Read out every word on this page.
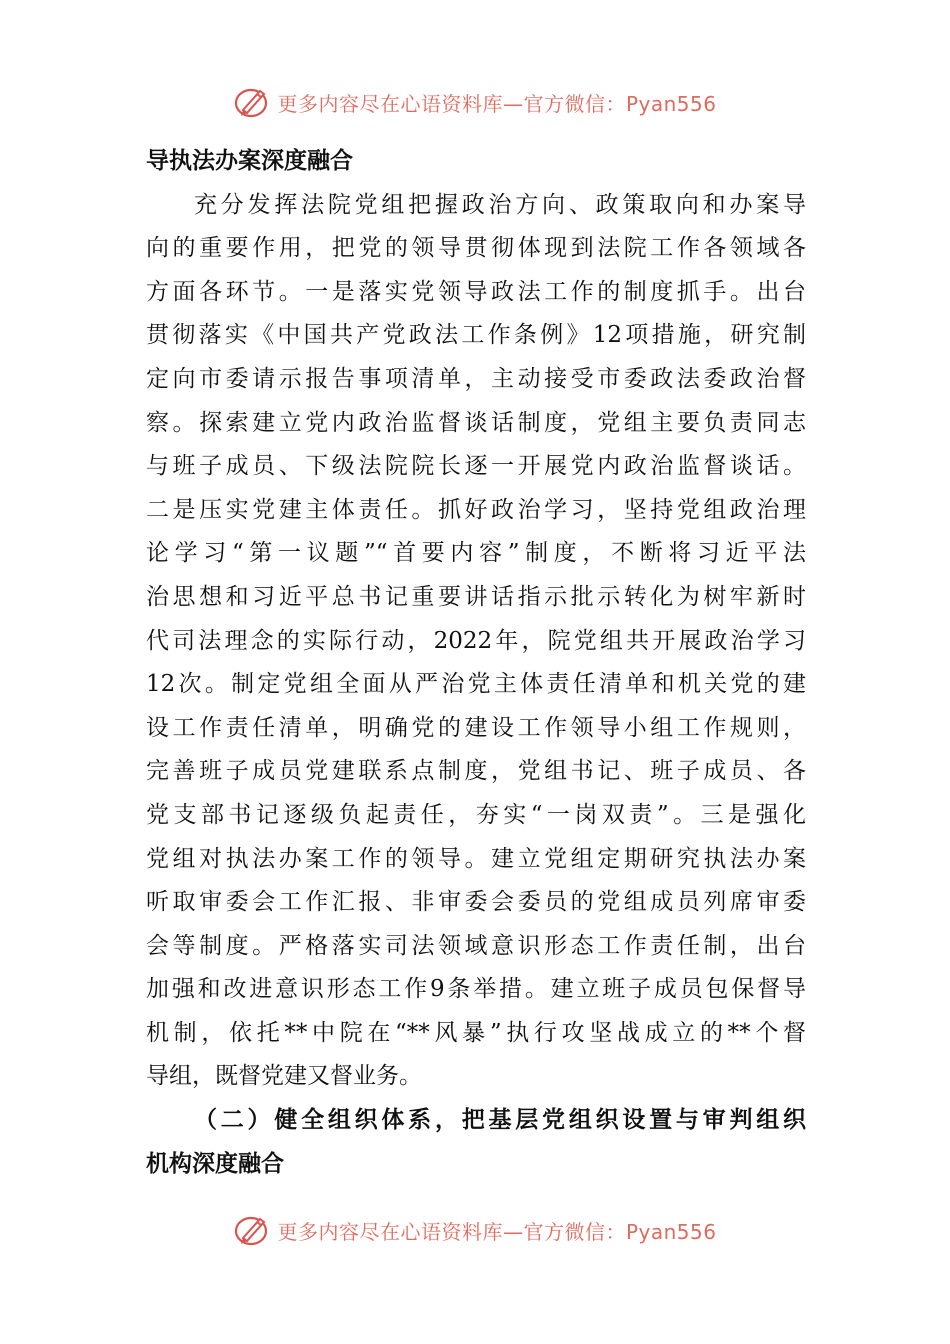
更多内容尽在心语资料库—官方微信：Pyan556
导执法办案深度融合
充分发挥法院党组把握政治方向、政策取向和办案导
向的重要作用，把党的领导贯彻体现到法院工作各领域各
方面各环节。一是落实党领导政法工作的制度抓手。出台
贯彻落实《中国共产党政法工作条例》12项措施，研究制
定向市委请示报告事项清单，主动接受市委政法委政治督
察。探索建立党内政治监督谈话制度，党组主要负责同志
与班子成员、下级法院院长逐一开展党内政治监督谈话。
二是压实党建主体责任。抓好政治学习，坚持党组政治理
论学习“第一议题”“首要内容”制度，不断将习近平法
治思想和习近平总书记重要讲话指示批示转化为树牢新时
代司法理念的实际行动，2022年，院党组共开展政治学习
12次。制定党组全面从严治党主体责任清单和机关党的建
设工作责任清单，明确党的建设工作领导小组工作规则，
完善班子成员党建联系点制度，党组书记、班子成员、各
党支部书记逐级负起责任，夯实“一岗双责”。三是强化
党组对执法办案工作的领导。建立党组定期研究执法办案
听取审委会工作汇报、非审委会委员的党组成员列席审委
会等制度。严格落实司法领域意识形态工作责任制，出台
加强和改进意识形态工作9条举措。建立班子成员包保督导
机制，依托**中院在“**风暴”执行攻坚战成立的**个督
导组，既督党建又督业务。
（二）健全组织体系，把基层党组织设置与审判组织
机构深度融合
更多内容尽在心语资料库—官方微信：Pyan556
